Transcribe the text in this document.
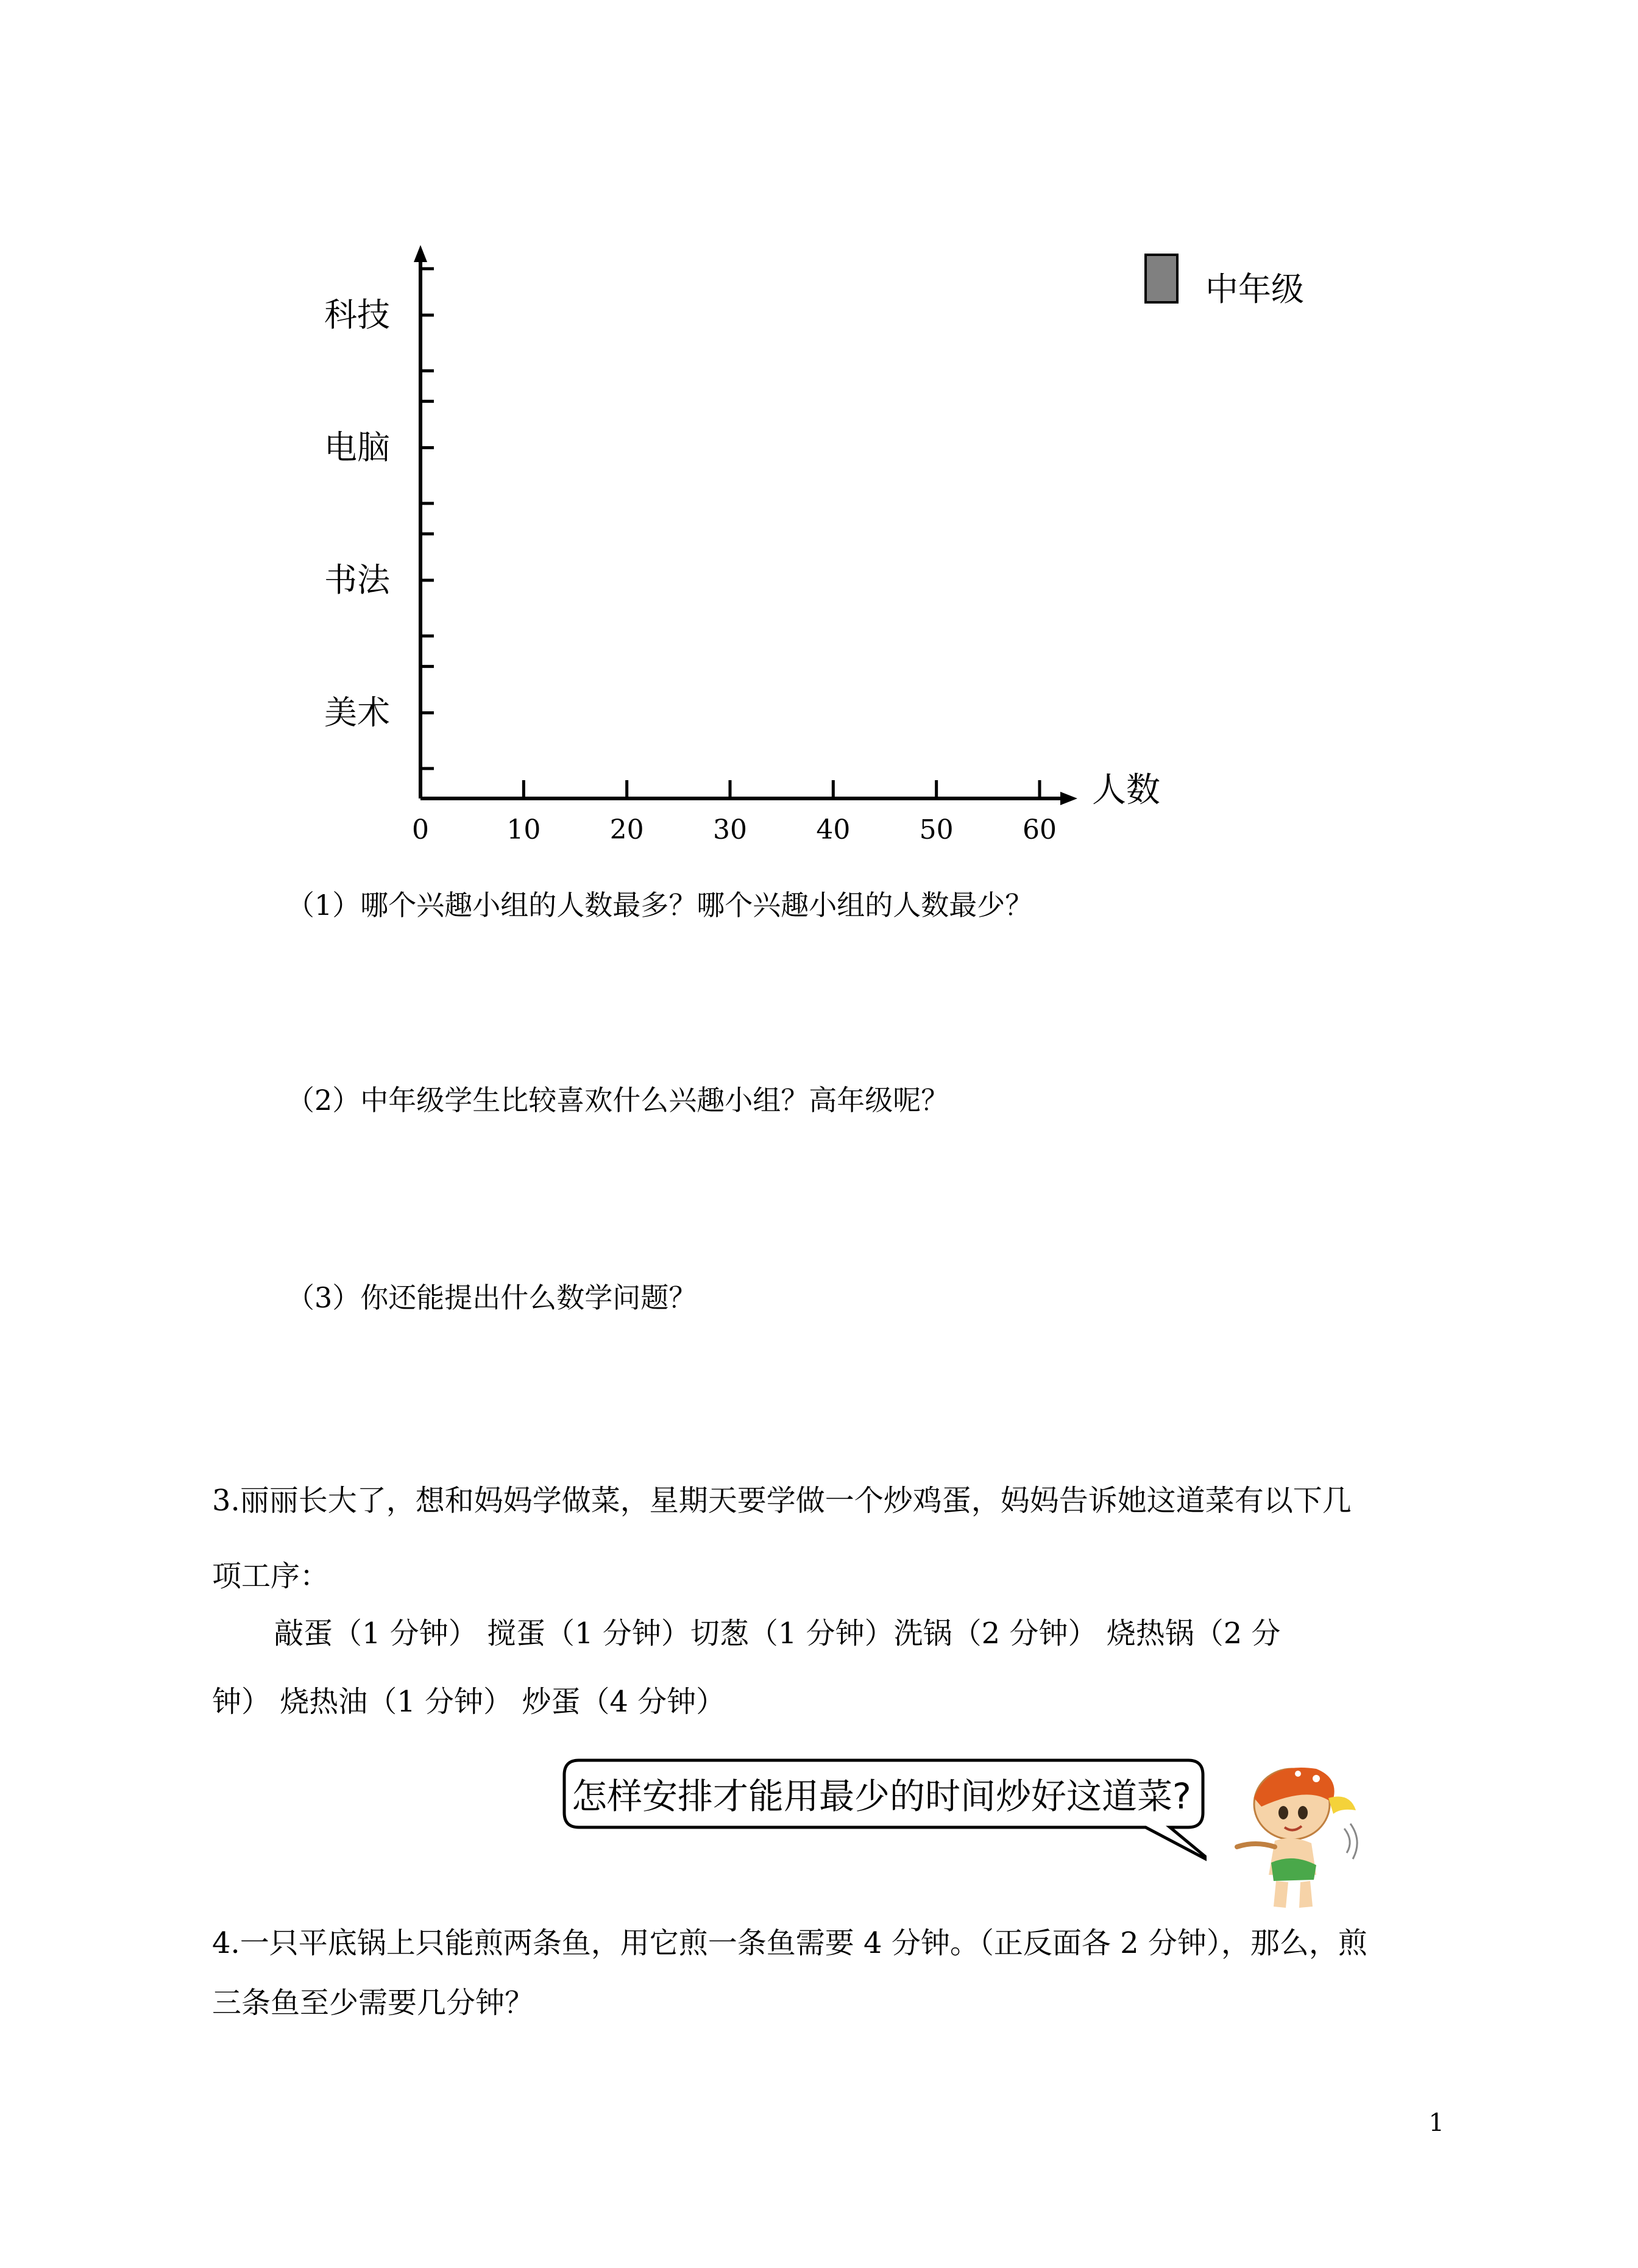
0	10	20	30	40	50	60
美术
书法
电脑
科技
人数
中年级
（1）哪个兴趣小组的人数最多？哪个兴趣小组的人数最少？
（2）中年级学生比较喜欢什么兴趣小组？高年级呢？
（3）你还能提出什么数学问题？
3.丽丽长大了，想和妈妈学做菜，星期天要学做一个炒鸡蛋，妈妈告诉她这道菜有以下几
项工序：
敲蛋（1 分钟） 搅蛋（1 分钟）切葱（1 分钟）洗锅（2 分钟） 烧热锅（2 分
钟） 烧热油（1 分钟） 炒蛋（4 分钟）
怎样安排才能用最少的时间炒好这道菜?
4.一只平底锅上只能煎两条鱼，用它煎一条鱼需要 4 分钟。（正反面各 2 分钟），那么，煎
三条鱼至少需要几分钟？
1
